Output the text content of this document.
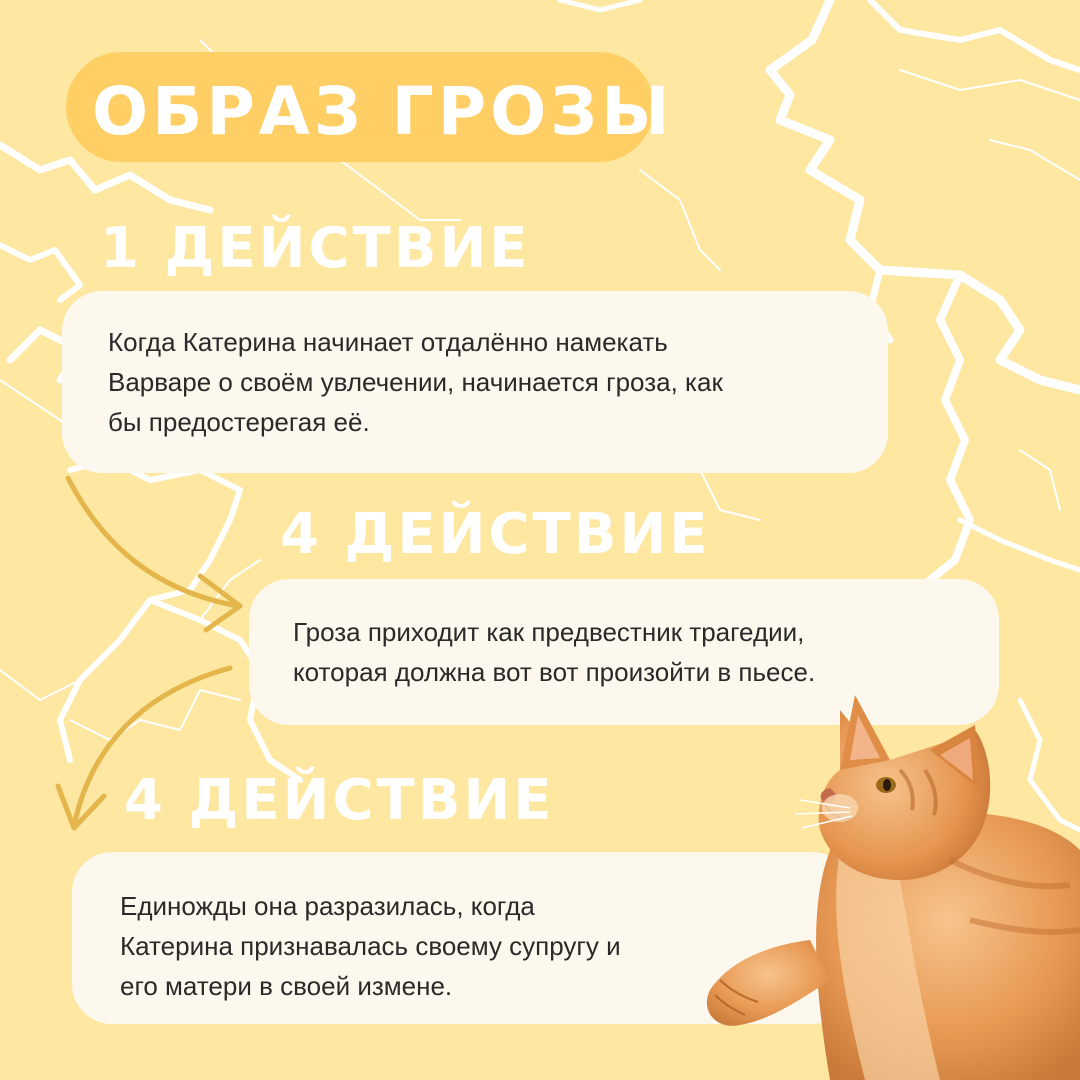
ОБРАЗ ГРОЗЫ
1 ДЕЙСТВИЕ
Когда Катерина начинает отдалённо намекать
Варваре о своём увлечении, начинается гроза, как
бы предостерегая её.
4 ДЕЙСТВИЕ
Гроза приходит как предвестник трагедии,
которая должна вот вот произойти в пьесе.
4 ДЕЙСТВИЕ
Единожды она разразилась, когда
Катерина признавалась своему супругу и
его матери в своей измене.
